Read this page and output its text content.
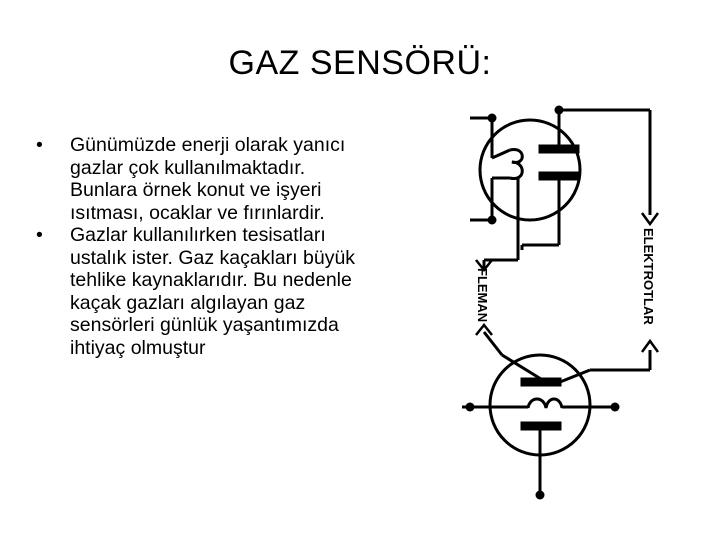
GAZ SENSÖRÜ:
• Günümüzde enerji olarak yanıcı gazlar çok kullanılmaktadır. Bunlara örnek konut ve işyeri ısıtması, ocaklar ve fırınlardir.
• Gazlar kullanılırken tesisatları ustalık ister. Gaz kaçakları büyük tehlike kaynaklarıdır. Bu nedenle kaçak gazları algılayan gaz sensörleri günlük yaşantımızda ihtiyaç olmuştur
FLEMAN	ELEKTROTLAR
